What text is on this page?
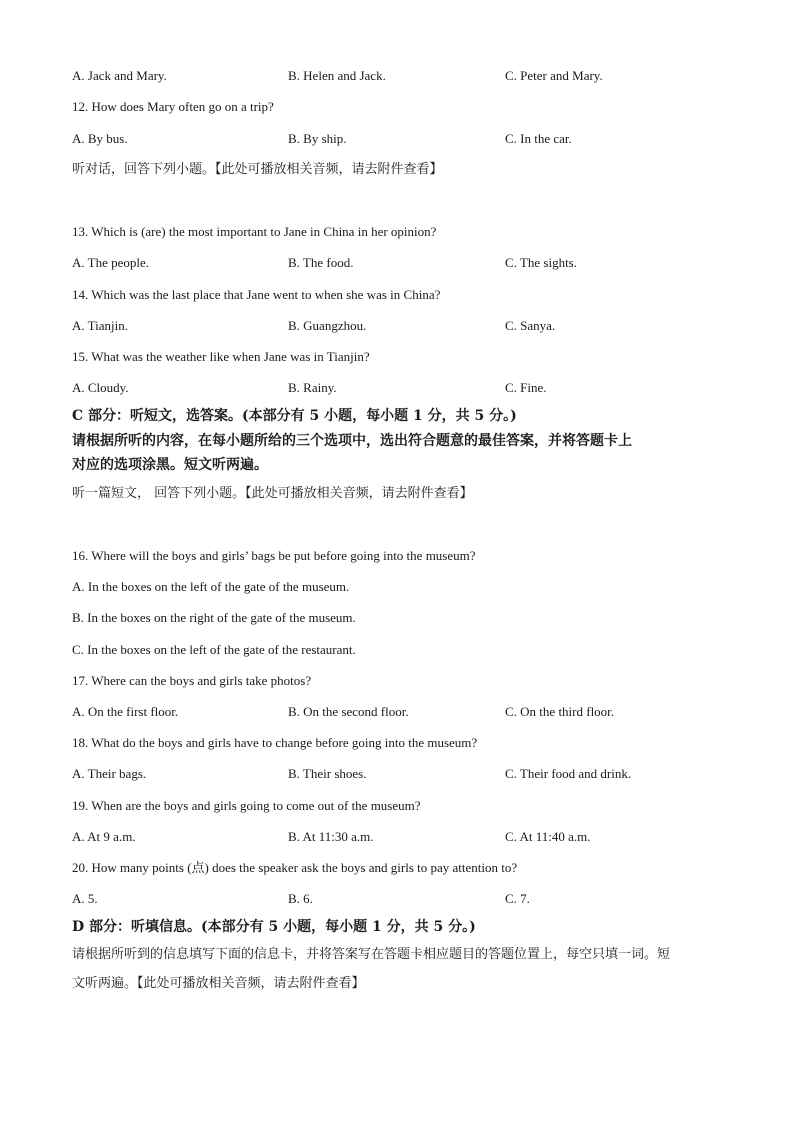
A. Jack and Mary.	B. Helen and Jack.	C. Peter and Mary.
12. How does Mary often go on a trip?
A. By bus.	B. By ship.	C. In the car.
听对话，回答下列小题。【此处可播放相关音频，请去附件查看】
13. Which is (are) the most important to Jane in China in her opinion?
A. The people.	B. The food.	C. The sights.
14. Which was the last place that Jane went to when she was in China?
A. Tianjin.	B. Guangzhou.	C. Sanya.
15. What was the weather like when Jane was in Tianjin?
A. Cloudy.	B. Rainy.	C. Fine.
C 部分：听短文，选答案。(本部分有 5 小题，每小题 1 分，共 5 分。)
请根据所听的内容，在每小题所给的三个选项中，选出符合题意的最佳答案，并将答题卡上
对应的选项涂黑。短文听两遍。
听一篇短文， 回答下列小题。【此处可播放相关音频，请去附件查看】
16. Where will the boys and girls’ bags be put before going into the museum?
A. In the boxes on the left of the gate of the museum.
B. In the boxes on the right of the gate of the museum.
C. In the boxes on the left of the gate of the restaurant.
17. Where can the boys and girls take photos?
A. On the first floor.	B. On the second floor.	C. On the third floor.
18. What do the boys and girls have to change before going into the museum?
A. Their bags.	B. Their shoes.	C. Their food and drink.
19. When are the boys and girls going to come out of the museum?
A. At 9 a.m.	B. At 11:30 a.m.	C. At 11:40 a.m.
20. How many points (点) does the speaker ask the boys and girls to pay attention to?
A. 5.	B. 6.	C. 7.
D 部分：听填信息。(本部分有 5 小题，每小题 1 分，共 5 分。)
请根据所听到的信息填写下面的信息卡，并将答案写在答题卡相应题目的答题位置上，每空只填一词。短
文听两遍。【此处可播放相关音频，请去附件查看】
